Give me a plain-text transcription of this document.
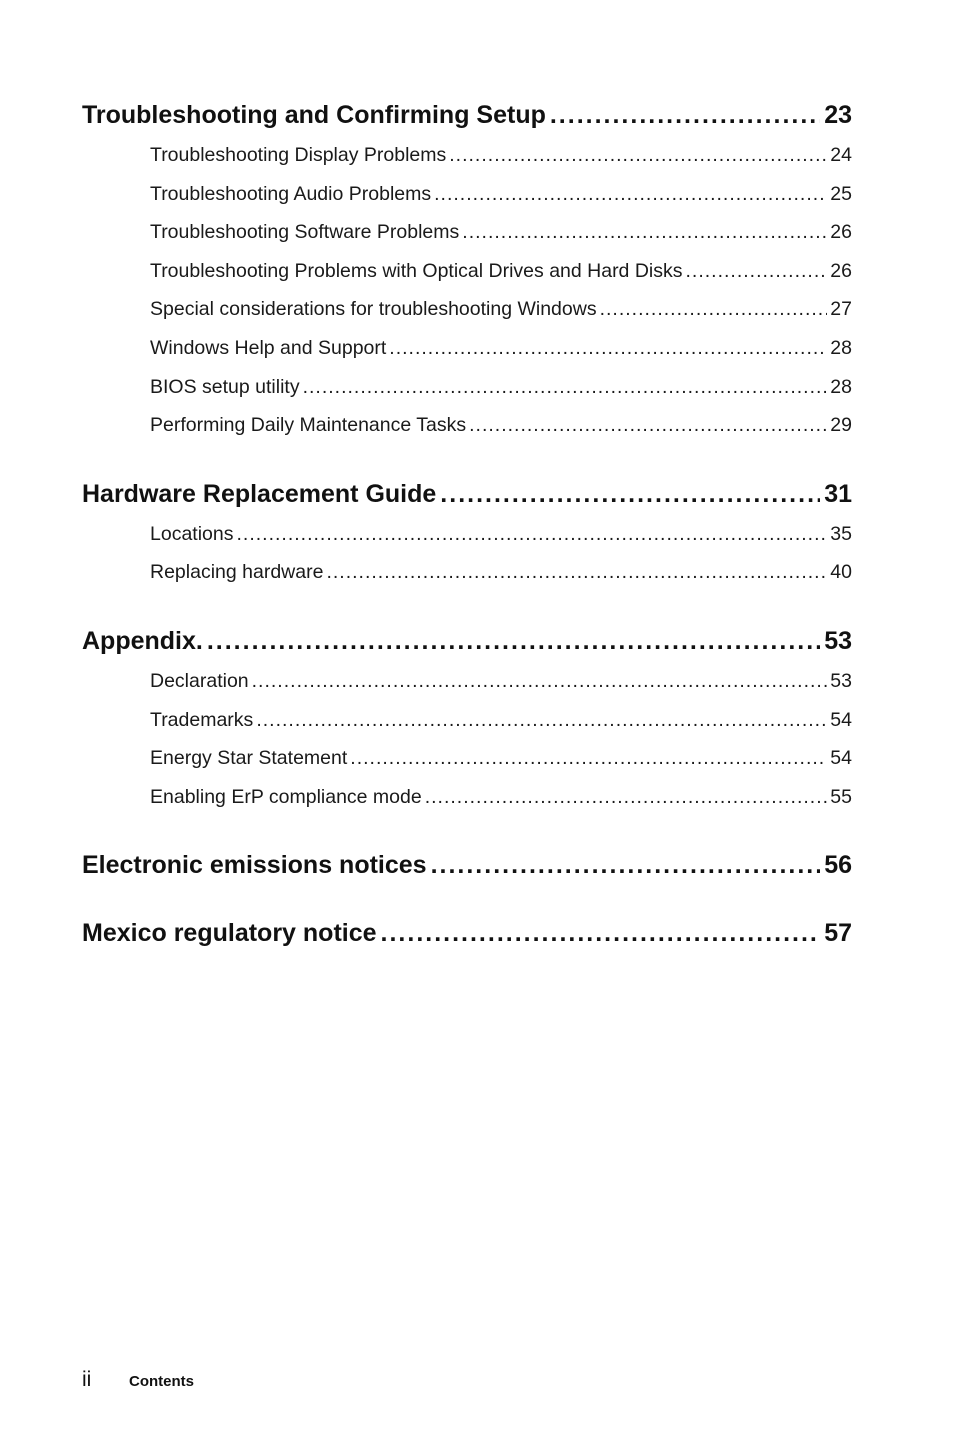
Troubleshooting and Confirming Setup .....	23
Troubleshooting Display Problems .....	24
Troubleshooting Audio Problems .....	25
Troubleshooting Software Problems .....	26
Troubleshooting Problems with Optical Drives and Hard Disks .....	26
Special considerations for troubleshooting Windows .....	27
Windows Help and Support .....	28
BIOS setup utility .....	28
Performing Daily Maintenance Tasks .....	29
Hardware Replacement Guide .....	31
Locations .....	35
Replacing hardware .....	40
Appendix. .....	53
Declaration .....	53
Trademarks .....	54
Energy Star Statement .....	54
Enabling ErP compliance mode .....	55
Electronic emissions notices .....	56
Mexico regulatory notice .....	57
ii	Contents
